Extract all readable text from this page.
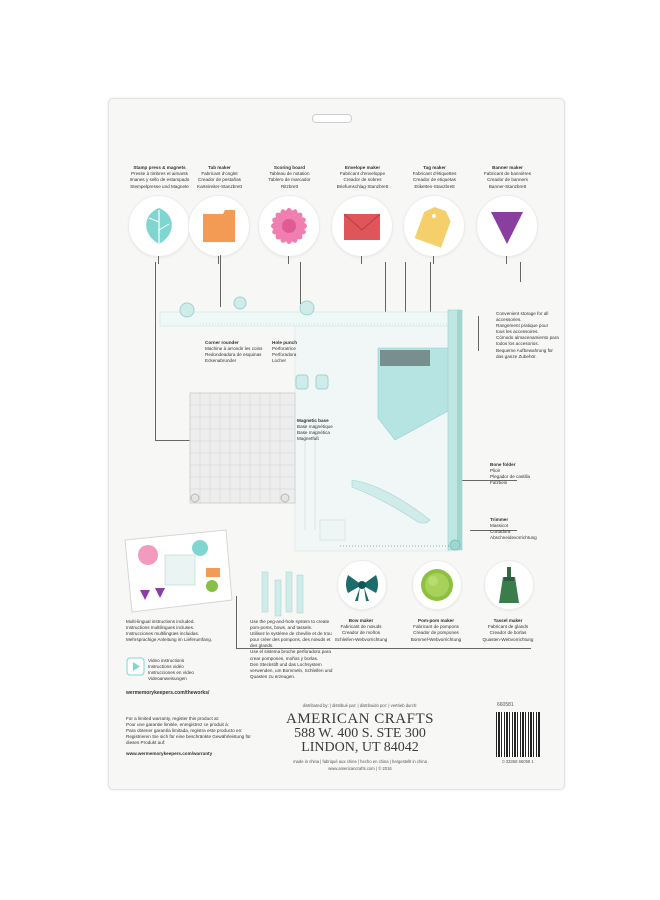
Stamp press & magnets
Presse à timbres et aimants
Imanes y sello de estampado
Stempelpresse und Magnete
Tab maker
Fabricant d'onglet
Creador de pestañas
Karteireiter-Stanzbrett
Scoring board
Tableau de notation
Tablero de marcador
Ritzbrett
Envelope maker
Fabricant d'enveloppe
Creador de sobres
Briefumschlag-Stanzbrett
Tag maker
Fabricant d'étiquettes
Creador de etiquetas
Etiketten-Stanzbrett
Banner maker
Fabricant de bannières
Creador de banners
Banner-Stanzbrett
Convenient storage for all
accessories.
Rangement pratique pour
tous les accessoires.
Cómodo almacenamiento para
todos los accesorios.
Bequeme Aufbewahrung für
das ganze Zubehör.
Corner rounder
Machine à arrondir les coins
Redondeadora de esquinas
Eckenabrunder
Hole punch
Perforatrice
Perforadora
Locher
Magnetic base
Base magnétique
Base magnética
Magnetfuß
Bone folder
Plioir
Plegador de castilla
Falzbein
Trimmer
Massicot
Cortadora
Abschneidevorrichtung
Multi-lingual instructions included.
Instructions multilingues incluses.
Instrucciones multilingües incluidas.
Mehrsprachige Anleitung im Lieferumfang.
Video instructions
Instructions vidéo
Instrucciones en vídeo
Videoanweisungen
wermemorykeepers.com/theworks/
For a limited warranty, register this product at:
Pour une garantie limitée, enregistrez ce produit à:
Para obtener garantía limitada, registra este producto en:
Registrieren Sie sich für eine beschränkte Gewährleistung für
dieses Produkt auf:
www.wermemorykeepers.com/warranty
Use the peg-and-hole system to create
pom-poms, bows, and tassels.
Utilisez le système de cheville et de trou
pour créer des pompons, des nœuds et
des glands.
Use el sistema broche perforadora para
crear pompones, moños y borlas.
Den Steckstift und das Lochsystem
verwenden, um Bommeln, Schleifen und
Quasten zu erzeugen.
Bow maker
Fabricant de nœuds
Creador de moños
Schleifen-Webvorrichtung
Pom-pom maker
Fabricant de pompons
Creador de pompones
Bommel-Webvorrichtung
Tassel maker
Fabricant de glands
Creador de borlas
Quasten-Webvorrichtung
distributed by: | distribué par: | distribuido por: | vertrieb durch:
AMERICAN CRAFTS
588 W. 400 S. STE 300
LINDON, UT 84042
made in china | fabriqué aux chine | hecho en china | hergestellt in china
www.americancrafts.com | © 2016
660581
0 33358 66058 1
